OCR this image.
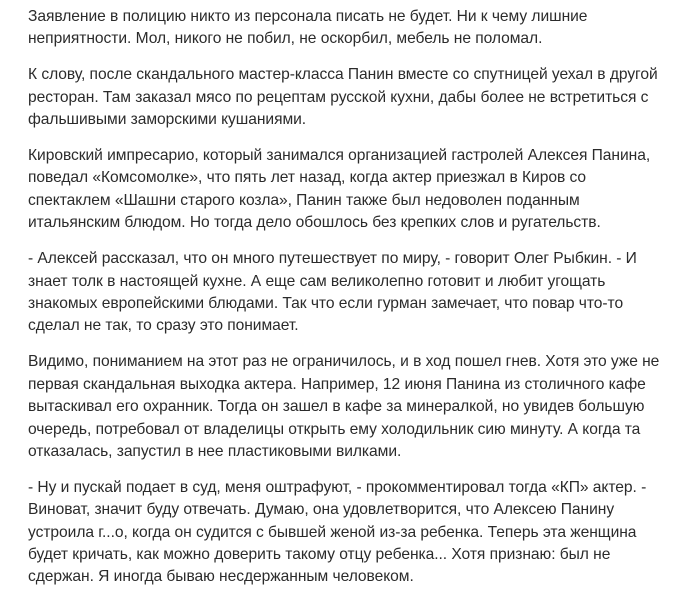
Заявление в полицию никто из персонала писать не будет. Ни к чему лишние
неприятности. Мол, никого не побил, не оскорбил, мебель не поломал.

К слову, после скандального мастер-класса Панин вместе со спутницей уехал в другой
ресторан. Там заказал мясо по рецептам русской кухни, дабы более не встретиться с
фальшивыми заморскими кушаниями.

Кировский импресарио, который занимался организацией гастролей Алексея Панина,
поведал «Комсомолке», что пять лет назад, когда актер приезжал в Киров со
спектаклем «Шашни старого козла», Панин также был недоволен поданным
итальянским блюдом. Но тогда дело обошлось без крепких слов и ругательств.

- Алексей рассказал, что он много путешествует по миру, - говорит Олег Рыбкин. - И
знает толк в настоящей кухне. А еще сам великолепно готовит и любит угощать
знакомых европейскими блюдами. Так что если гурман замечает, что повар что-то
сделал не так, то сразу это понимает.

Видимо, пониманием на этот раз не ограничилось, и в ход пошел гнев. Хотя это уже не
первая скандальная выходка актера. Например, 12 июня Панина из столичного кафе
вытаскивал его охранник. Тогда он зашел в кафе за минералкой, но увидев большую
очередь, потребовал от владелицы открыть ему холодильник сию минуту. А когда та
отказалась, запустил в нее пластиковыми вилками.

- Ну и пускай подает в суд, меня оштрафуют, - прокомментировал тогда «КП» актер. -
Виноват, значит буду отвечать. Думаю, она удовлетворится, что Алексею Панину
устроила г...о, когда он судится с бывшей женой из-за ребенка. Теперь эта женщина
будет кричать, как можно доверить такому отцу ребенка... Хотя признаю: был не
сдержан. Я иногда бываю несдержанным человеком.
